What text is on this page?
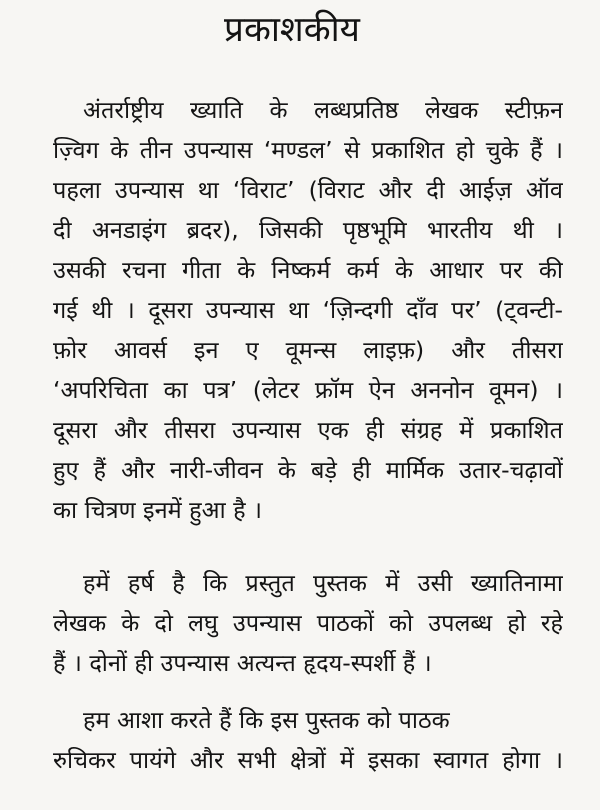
प्रकाशकीय
अंतर्राष्ट्रीय ख्याति के लब्धप्रतिष्ठ लेखक स्टीफ़न
ज़्विग के तीन उपन्यास ‘मण्डल’ से प्रकाशित हो चुके हैं ।
पहला उपन्यास था ‘विराट’ (विराट और दी आईज़ ऑव
दी अनडाइंग ब्रदर), जिसकी पृष्ठभूमि भारतीय थी ।
उसकी रचना गीता के निष्कर्म कर्म के आधार पर की
गई थी । दूसरा उपन्यास था ‘ज़िन्दगी दाँव पर’ (ट्वन्टी-
फ़ोर आवर्स इन ए वूमन्स लाइफ़) और तीसरा
‘अपरिचिता का पत्र’ (लेटर फ्रॉम ऐन अननोन वूमन) ।
दूसरा और तीसरा उपन्यास एक ही संग्रह में प्रकाशित
हुए हैं और नारी-जीवन के बड़े ही मार्मिक उतार-चढ़ावों
का चित्रण इनमें हुआ है ।
हमें हर्ष है कि प्रस्तुत पुस्तक में उसी ख्यातिनामा
लेखक के दो लघु उपन्यास पाठकों को उपलब्ध हो रहे
हैं । दोनों ही उपन्यास अत्यन्त हृदय-स्पर्शी हैं ।
हम आशा करते हैं कि इस पुस्तक को पाठक
रुचिकर पायंगे और सभी क्षेत्रों में इसका स्वागत होगा ।
